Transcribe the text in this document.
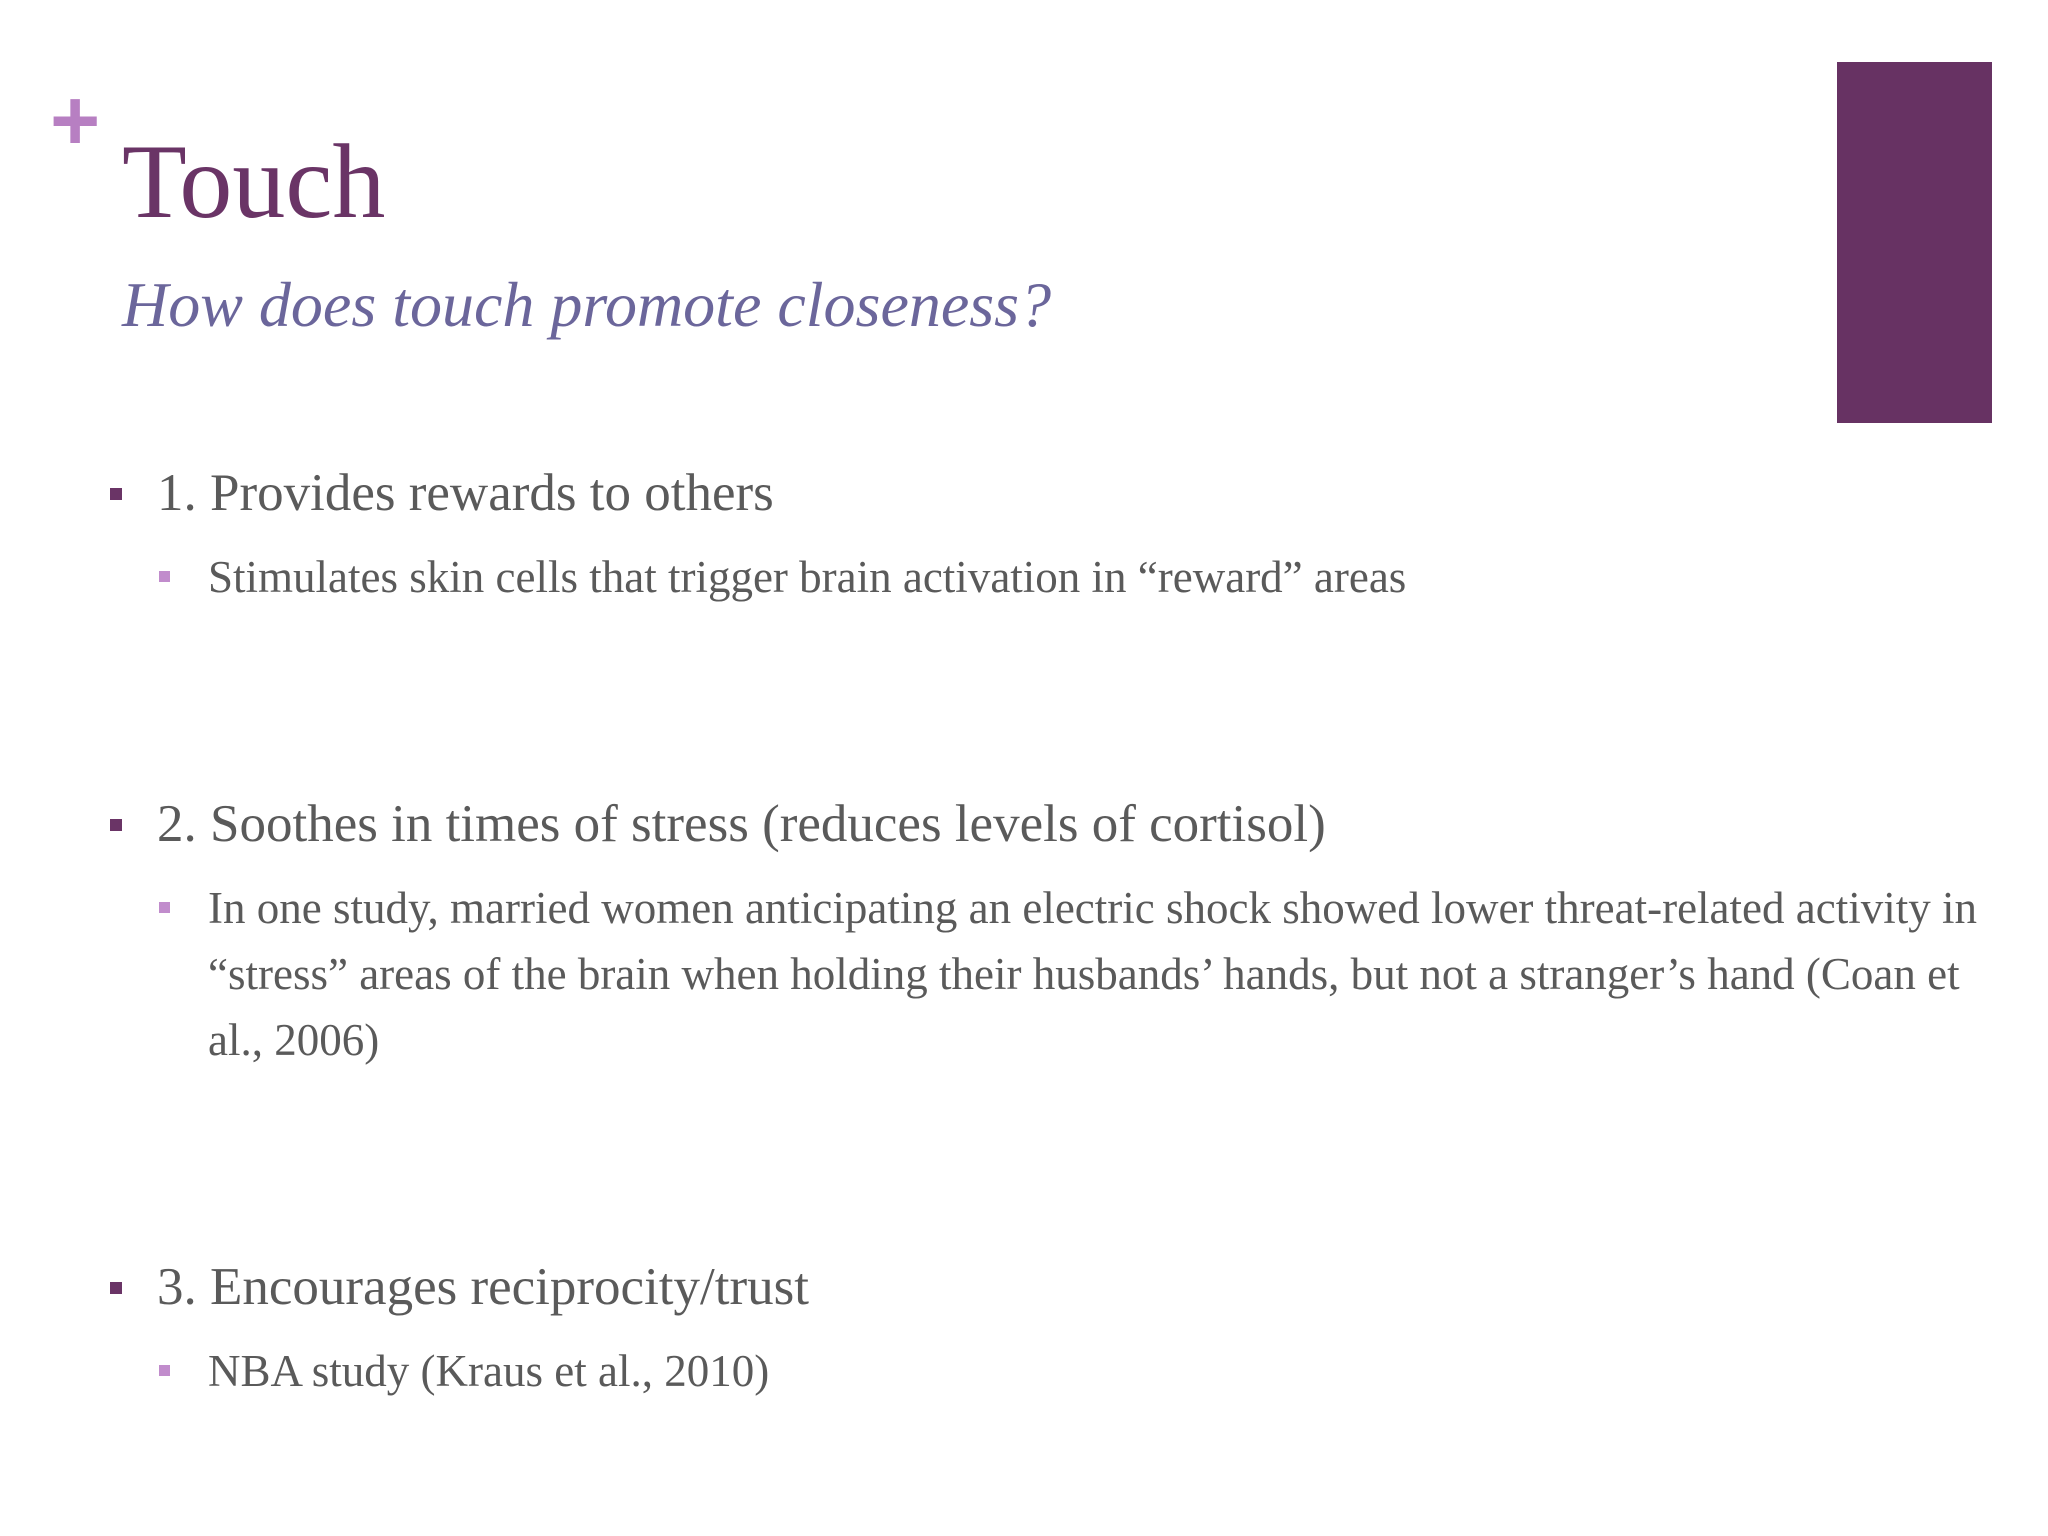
+
Touch

How does touch promote closeness?

1. Provides rewards to others
Stimulates skin cells that trigger brain activation in “reward” areas
2. Soothes in times of stress (reduces levels of cortisol)
In one study, married women anticipating an electric shock showed lower threat-related activity in “stress” areas of the brain when holding their husbands’ hands, but not a stranger’s hand (Coan et al., 2006)
3. Encourages reciprocity/trust
NBA study (Kraus et al., 2010)
